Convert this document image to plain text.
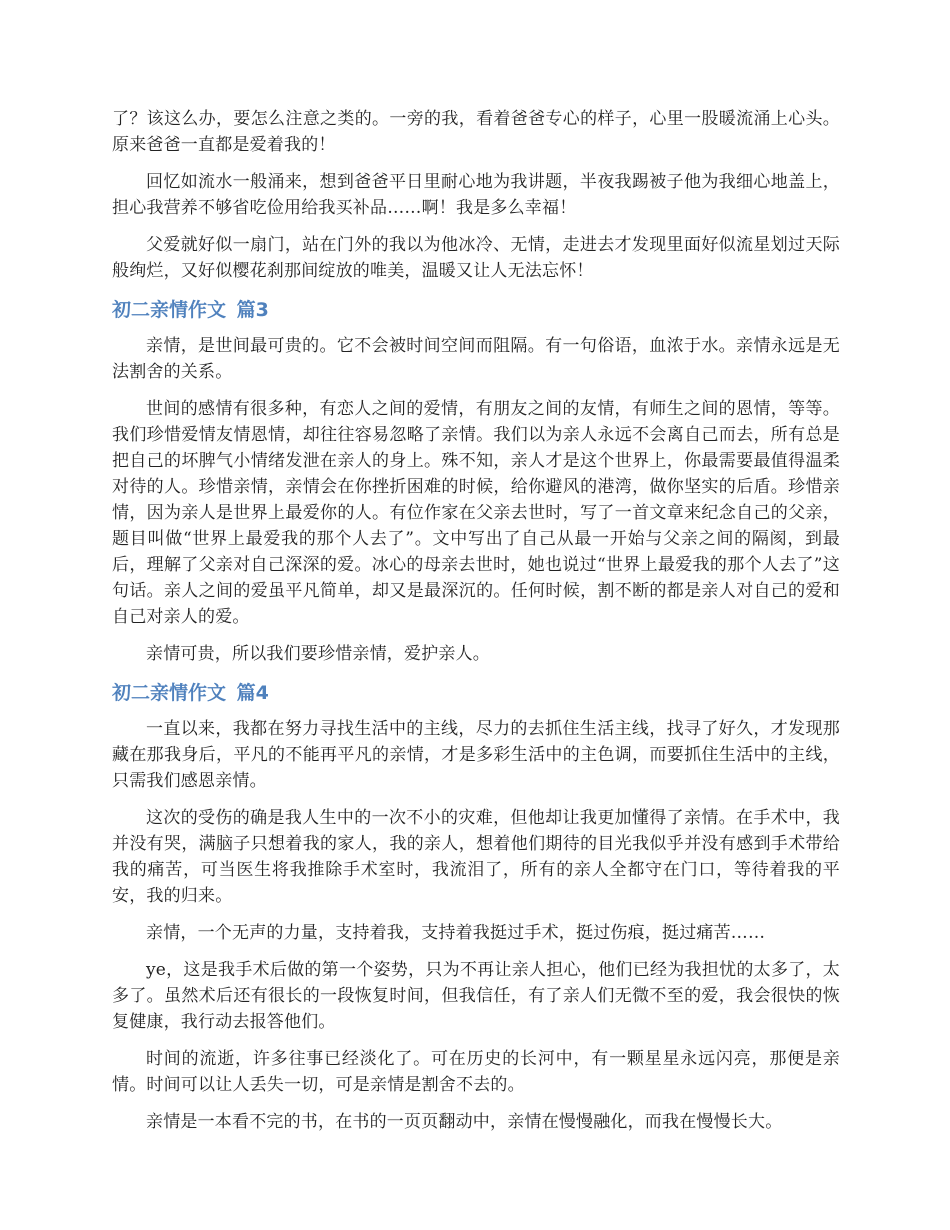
了？该这么办，要怎么注意之类的。一旁的我，看着爸爸专心的样子，心里一股暖流涌上心头。原来爸爸一直都是爱着我的！

回忆如流水一般涌来，想到爸爸平日里耐心地为我讲题，半夜我踢被子他为我细心地盖上，担心我营养不够省吃俭用给我买补品……啊！我是多么幸福！

父爱就好似一扇门，站在门外的我以为他冰冷、无情，走进去才发现里面好似流星划过天际般绚烂，又好似樱花刹那间绽放的唯美，温暖又让人无法忘怀！

初二亲情作文 篇3

亲情，是世间最可贵的。它不会被时间空间而阻隔。有一句俗语，血浓于水。亲情永远是无法割舍的关系。

世间的感情有很多种，有恋人之间的爱情，有朋友之间的友情，有师生之间的恩情，等等。我们珍惜爱情友情恩情，却往往容易忽略了亲情。我们以为亲人永远不会离自己而去，所有总是把自己的坏脾气小情绪发泄在亲人的身上。殊不知，亲人才是这个世界上，你最需要最值得温柔对待的人。珍惜亲情，亲情会在你挫折困难的时候，给你避风的港湾，做你坚实的后盾。珍惜亲情，因为亲人是世界上最爱你的人。有位作家在父亲去世时，写了一首文章来纪念自己的父亲，题目叫做“世界上最爱我的那个人去了”。文中写出了自己从最一开始与父亲之间的隔阂，到最后，理解了父亲对自己深深的爱。冰心的母亲去世时，她也说过“世界上最爱我的那个人去了”这句话。亲人之间的爱虽平凡简单，却又是最深沉的。任何时候，割不断的都是亲人对自己的爱和自己对亲人的爱。

亲情可贵，所以我们要珍惜亲情，爱护亲人。

初二亲情作文 篇4

一直以来，我都在努力寻找生活中的主线，尽力的去抓住生活主线，找寻了好久，才发现那藏在那我身后，平凡的不能再平凡的亲情，才是多彩生活中的主色调，而要抓住生活中的主线，只需我们感恩亲情。

这次的受伤的确是我人生中的一次不小的灾难，但他却让我更加懂得了亲情。在手术中，我并没有哭，满脑子只想着我的家人，我的亲人，想着他们期待的目光我似乎并没有感到手术带给我的痛苦，可当医生将我推除手术室时，我流泪了，所有的亲人全都守在门口，等待着我的平安，我的归来。

亲情，一个无声的力量，支持着我，支持着我挺过手术，挺过伤痕，挺过痛苦……

ye，这是我手术后做的第一个姿势，只为不再让亲人担心，他们已经为我担忧的太多了，太多了。虽然术后还有很长的一段恢复时间，但我信任，有了亲人们无微不至的爱，我会很快的恢复健康，我行动去报答他们。

时间的流逝，许多往事已经淡化了。可在历史的长河中，有一颗星星永远闪亮，那便是亲情。时间可以让人丢失一切，可是亲情是割舍不去的。

亲情是一本看不完的书，在书的一页页翻动中，亲情在慢慢融化，而我在慢慢长大。
